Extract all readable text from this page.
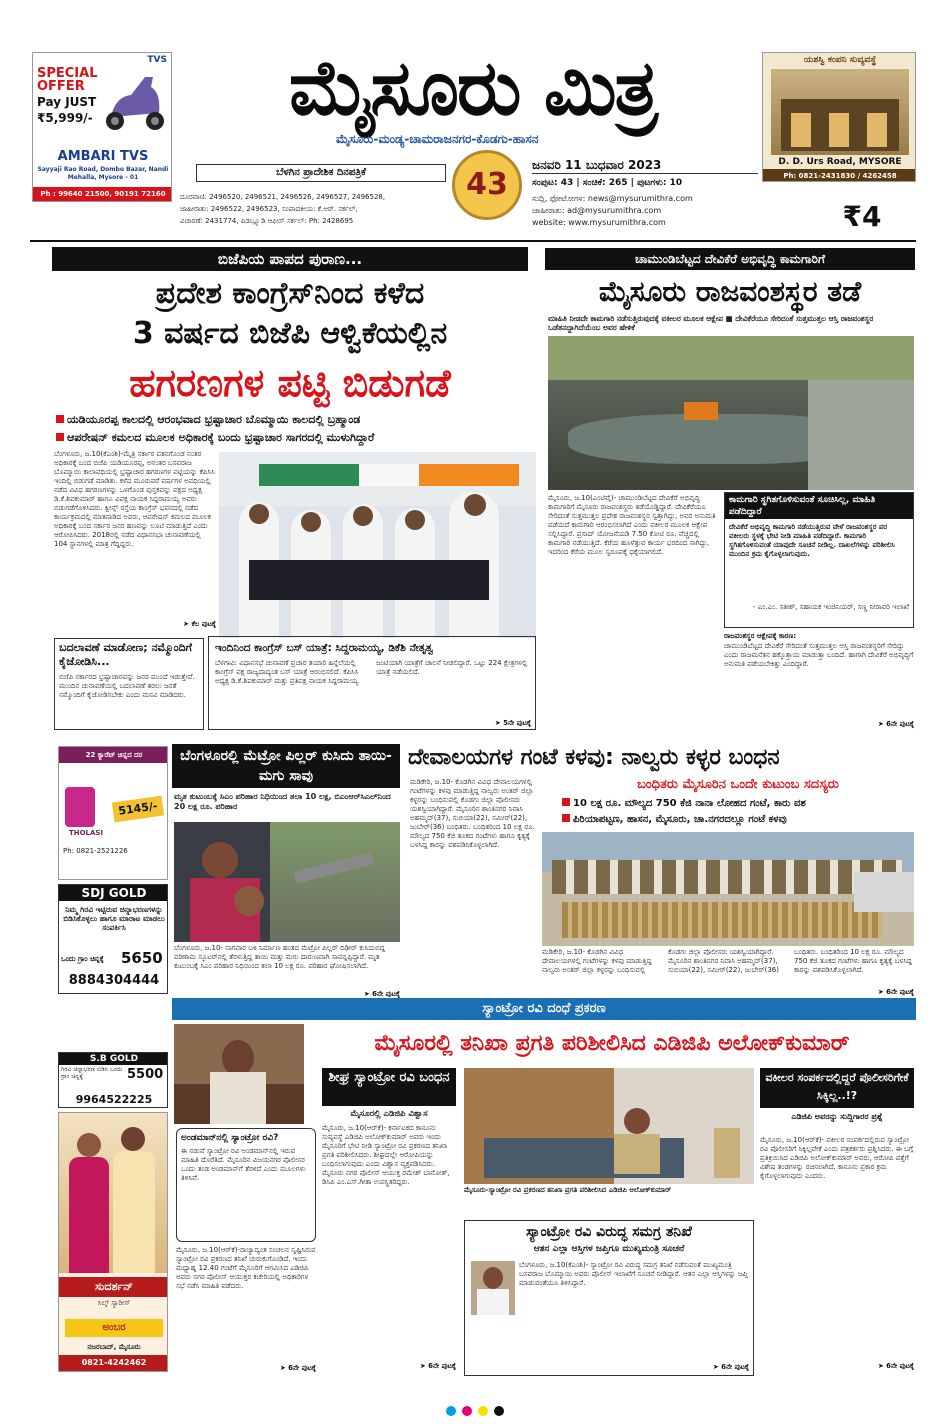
TVS
SPECIAL OFFER
Pay JUST
₹5,999/-
AMBARI TVS
Sayyaji Rao Road, Dombo Bazar, Nandi Mehalla, Mysore - 01
Ph : 99640 21500, 90191 72160
ಮೈಸೂರು ಮಿತ್ರ
ಮೈಸೂರು-ಮಂಡ್ಯ-ಚಾಮರಾಜನಗರ-ಕೊಡಗು-ಹಾಸನ
ಬೆಳಗಿನ ಪ್ರಾದೇಶಿಕ ದಿನಪತ್ರಿಕೆ	43
ಜನವರಿ 11 ಬುಧವಾರ 2023
ಸಂಪುಟ: 43 | ಸಂಚಿಕೆ: 265 | ಪುಟಗಳು: 10
ಸುದ್ದಿ, ಫೋಟೋಗಳ: news@mysurumithra.com
ಜಾಹೀರಾತು: ad@mysurumithra.com
website: www.mysurumithra.com
ದೂರವಾಣಿ: 2496520, 2496521, 2496526, 2496527, 2496528,
ಜಾಹೀರಾತು: 2496522, 2496523, ಸಂಪಾದಕೀಯ: ಕೆ.ಆರ್. ಸರ್ಕಲ್,
ವಿಚಾರಣೆ: 2431774, ಪಿಡಬ್ಲ್ಯೂಡಿ ಆಫೀಸ್ ಸರ್ಕಲ್: Ph: 2428695
ಯಶಸ್ವಿ ಕಂಪನಿ ಸುವ್ಯವಸ್ಥೆ
D. D. Urs Road, MYSORE
Ph: 0821-2431830 / 4262458
₹4
ಬಿಜೆಪಿಯ ಪಾಪದ ಪುರಾಣ...
ಪ್ರದೇಶ ಕಾಂಗ್ರೆಸ್‌ನಿಂದ ಕಳೆದ
3 ವರ್ಷದ ಬಿಜೆಪಿ ಆಳ್ವಿಕೆಯಲ್ಲಿನ
ಹಗರಣಗಳ ಪಟ್ಟಿ ಬಿಡುಗಡೆ
ಯಡಿಯೂರಪ್ಪ ಕಾಲದಲ್ಲಿ ಆರಂಭವಾದ ಭ್ರಷ್ಟಾಚಾರ ಬೊಮ್ಮಾಯಿ ಕಾಲದಲ್ಲಿ ಬ್ರಹ್ಮಾಂಡ
ಆಪರೇಷನ್ ಕಮಲದ ಮೂಲಕ ಅಧಿಕಾರಕ್ಕೆ ಬಂದು ಭ್ರಷ್ಟಾಚಾರ ಸಾಗರದಲ್ಲಿ ಮುಳುಗಿದ್ದಾರೆ
ಬೆಂಗಳೂರು, ಜ.10(ಕೆಎಂಶಿ)-ಮೈತ್ರಿ ಸರ್ಕಾರ ಪತನಗೊಂಡ ನಂತರ ಅಧಿಕಾರಕ್ಕೆ ಬಂದ ಬಿಜೆಪಿ ಯಡಿಯೂರಪ್ಪ, ಅನಂತರ ಬಸವರಾಜ ಬೊಮ್ಮಾಯಿ ಕಾಲಾವಧಿಯಲ್ಲಿ ಭ್ರಷ್ಟಾಚಾರ ಹಗರಣಗಳ ಪಟ್ಟಿಯನ್ನು ಕೆಪಿಸಿಸಿ ಇಂದಿಲ್ಲಿ ಬಿಡುಗಡೆ ಮಾಡಿತು. ಕಳೆದ ಮೂರುವರೆ ವರ್ಷಗಳ ಅವಧಿಯಲ್ಲಿ ನಡೆದ ವಿವಿಧ ಹಗರಣಗಳನ್ನು ಒಳಗೊಂಡ ಪುಸ್ತಕವನ್ನು ಪಕ್ಷದ ಅಧ್ಯಕ್ಷ ಡಿ.ಕೆ.ಶಿವಕುಮಾರ್ ಹಾಗೂ ವಿಪಕ್ಷ ನಾಯಕ ಸಿದ್ದರಾಮಯ್ಯ ಅವರು ಬಿಡುಗಡೆಗೊಳಿಸಿದರು. ಕ್ವೀನ್ಸ್ ರಸ್ತೆಯ ಕಾಂಗ್ರೆಸ್ ಭವನದಲ್ಲಿ ನಡೆದ ಕಾರ್ಯಕ್ರಮದಲ್ಲಿ ಮಾತನಾಡಿದ ಅವರು, ಆಪರೇಷನ್ ಕಮಲದ ಮೂಲಕ ಅಧಿಕಾರಕ್ಕೆ ಬಂದ ಸರ್ಕಾರ ಜನರ ಹಣವನ್ನು ಲೂಟಿ ಮಾಡುತ್ತಿದೆ ಎಂದು ಆರೋಪಿಸಿದರು. 2018ರಲ್ಲಿ ನಡೆದ ವಿಧಾನಸಭಾ ಚುನಾವಣೆಯಲ್ಲಿ 104 ಸ್ಥಾನಗಳಲ್ಲಿ ಮಾತ್ರ ಗೆದ್ದಿದ್ದರು.
➤ ಕೆಲ ಪುಟಕ್ಕೆ
ಬದಲಾವಣೆ ಮಾಡೋಣ; ನಮ್ಮೊಂದಿಗೆ ಕೈಜೋಡಿಸಿ...
ಬಿಜೆಪಿ ಸರ್ಕಾರದ ಭ್ರಷ್ಟಾಚಾರವನ್ನು ಜನರ ಮುಂದೆ ಇಡುತ್ತೇವೆ. ಮುಂದಿನ ಚುನಾವಣೆಯಲ್ಲಿ ಬದಲಾವಣೆ ತರಲು ಜನತೆ ನಮ್ಮೊಂದಿಗೆ ಕೈಜೋಡಿಸಬೇಕು ಎಂದು ಮನವಿ ಮಾಡಿದರು.
ಇಂದಿನಿಂದ ಕಾಂಗ್ರೆಸ್ ಬಸ್ ಯಾತ್ರೆ: ಸಿದ್ದರಾಮಯ್ಯ, ಡಿಕೆಶಿ ನೇತೃತ್ವ
ಬೆಳಗಾವಿ: ವಿಧಾನಸಭೆ ಚುನಾವಣೆ ಪ್ರಚಾರ ತಯಾರಿ ಹಿನ್ನೆಲೆಯಲ್ಲಿ ಕಾಂಗ್ರೆಸ್ ಪಕ್ಷ ರಾಜ್ಯದಾದ್ಯಂತ ಬಸ್ ಯಾತ್ರೆ ಆರಂಭಿಸಲಿದೆ. ಕೆಪಿಸಿಸಿ ಅಧ್ಯಕ್ಷ ಡಿ.ಕೆ.ಶಿವಕುಮಾರ್ ಮತ್ತು ಪ್ರತಿಪಕ್ಷ ನಾಯಕ ಸಿದ್ದರಾಮಯ್ಯ ಜಂಟಿಯಾಗಿ ಯಾತ್ರೆಗೆ ಚಾಲನೆ ನೀಡಲಿದ್ದಾರೆ. ಒಟ್ಟು 224 ಕ್ಷೇತ್ರಗಳಲ್ಲಿ ಯಾತ್ರೆ ನಡೆಯಲಿದೆ.
➤ 5ನೇ ಪುಟಕ್ಕೆ
ಚಾಮುಂಡಿಬೆಟ್ಟದ ದೇವಿಕೆರೆ ಅಭಿವೃದ್ಧಿ ಕಾಮಗಾರಿಗೆ
ಮೈಸೂರು ರಾಜವಂಶಸ್ಥರ ತಡೆ
ಮಾಹಿತಿ ನೀಡದೇ ಕಾಮಗಾರಿ ನಡೆಸುತ್ತಿರುವುದಕ್ಕೆ ವಕೀಲರ ಮೂಲಕ ಆಕ್ಷೇಪ ■ ದೇವಿಕೆರೆಯೂ ಸೇರಿದಂತೆ ಸುತ್ತಮುತ್ತಲ ಆಸ್ತಿ ರಾಜವಂಶಸ್ಥರ ಒಡೆತನದ್ದಾಗಿದೆಯೆಂಬ ಅವರ ಹೇಳಿಕೆ
ಮೈಸೂರು, ಜ.10(ಎಂಟಿವೈ)- ಚಾಮುಂಡಿಬೆಟ್ಟದ ದೇವಿಕೆರೆ ಅಭಿವೃದ್ಧಿ ಕಾಮಗಾರಿಗೆ ಮೈಸೂರು ರಾಜವಂಶಸ್ಥರು ತಡೆಯೊಡ್ಡಿದ್ದಾರೆ. ದೇವಿಕೆರೆಯೂ ಸೇರಿದಂತೆ ಸುತ್ತಮುತ್ತಲ ಪ್ರದೇಶ ರಾಜವಂಶಸ್ಥರ ಸ್ವತ್ತಾಗಿದ್ದು, ಅವರ ಅನುಮತಿ ಪಡೆಯದೆ ಕಾಮಗಾರಿ ಆರಂಭಿಸಲಾಗಿದೆ ಎಂದು ವಕೀಲರ ಮೂಲಕ ಆಕ್ಷೇಪ ಸಲ್ಲಿಸಿದ್ದಾರೆ. ಪ್ರಸಾದ್ ಯೋಜನೆಯಡಿ 7.50 ಕೋಟಿ ರೂ. ವೆಚ್ಚದಲ್ಲಿ ಕಾಮಗಾರಿ ನಡೆಯುತ್ತಿದೆ. ಕೆರೆಯ ಹೂಳೆತ್ತುವ ಕಾರ್ಯ ಭರದಿಂದ ಸಾಗಿದ್ದು, ಇದರಿಂದ ಕೆರೆಯ ಮೂಲ ಸ್ವರೂಪಕ್ಕೆ ಧಕ್ಕೆಯಾಗಲಿದೆ.
ಕಾಮಗಾರಿ ಸ್ಥಗಿತಗೊಳಿಸುವಂತೆ ಸೂಚಿಸಿಲ್ಲ, ಮಾಹಿತಿ ಪಡೆದಿದ್ದಾರೆ
ದೇವಿಕೆರೆ ಅಭಿವೃದ್ಧಿ ಕಾಮಗಾರಿ ನಡೆಯುತ್ತಿರುವ ವೇಳೆ ರಾಜವಂಶಸ್ಥರ ಪರ ವಕೀಲರು ಸ್ಥಳಕ್ಕೆ ಭೇಟಿ ನೀಡಿ ಮಾಹಿತಿ ಪಡೆದಿದ್ದಾರೆ. ಕಾಮಗಾರಿ ಸ್ಥಗಿತಗೊಳಿಸುವಂತೆ ಯಾವುದೇ ಸೂಚನೆ ನೀಡಿಲ್ಲ. ದಾಖಲೆಗಳನ್ನು ಪರಿಶೀಲಿಸಿ ಮುಂದಿನ ಕ್ರಮ ಕೈಗೊಳ್ಳಲಾಗುವುದು.
- ಎಂ.ಎಂ. ಸತೀಶ್, ಸಹಾಯಕ ಇಂಜಿನಿಯರ್, ಸಣ್ಣ ನೀರಾವರಿ ಇಲಾಖೆ
ರಾಜವಂಶಸ್ಥರ ಆಕ್ಷೇಪಕ್ಕೆ ಕಾರಣ:
ಚಾಮುಂಡಿಬೆಟ್ಟದ ದೇವಿಕೆರೆ ಸೇರಿದಂತೆ ಸುತ್ತಮುತ್ತಲ ಆಸ್ತಿ ರಾಜವಂಶಸ್ಥರಿಗೆ ಸೇರಿದ್ದು ಎಂದು ರಾಜಮನೆತನ ಹಕ್ಕೊತ್ತಾಯ ಮಾಡುತ್ತಾ ಬಂದಿದೆ. ಹಾಗಾಗಿ ದೇವಿಕೆರೆ ಅಭಿವೃದ್ಧಿಗೆ ಅನುಮತಿ ಪಡೆಯಬೇಕಿತ್ತು ಎಂದಿದ್ದಾರೆ.
➤ 6ನೇ ಪುಟಕ್ಕೆ
22 ಕ್ಯಾರೆಟ್ ಚಿನ್ನದ ದರ
THOLASI
5145/-
Ph: 0821-2521226
SDJ GOLD
ನಿಮ್ಮ ಗಿರವಿ ಇಟ್ಟಿರುವ ಚಿನ್ನಾಭರಣಗಳನ್ನು ಬಿಡಿಸಿಕೊಳ್ಳಲು ಹಾಗೂ ಮಾರಾಟ ಮಾಡಲು ಸಂಪರ್ಕಿಸಿ
ಒಂದು ಗ್ರಾಂ ಚಿನ್ನಕ್ಕೆ	5650
8884304444
S.B GOLD
ಗಿರವಿ ಚಿನ್ನಾಭರಣ ಬಿಡಿಸಿ ಒಂದು ಗ್ರಾಂ ಚಿನ್ನಕ್ಕೆ	5500
9964522225
ಸುದರ್ಶನ್
ಸಿಲ್ಕ್ ಸ್ಯಾರೀಸ್
ಅಂಬರ
ನಜರಬಾದ್, ಮೈಸೂರು
0821-4242462
ಬೆಂಗಳೂರಲ್ಲಿ ಮೆಟ್ರೋ ಪಿಲ್ಲರ್ ಕುಸಿದು ತಾಯಿ-ಮಗು ಸಾವು
ಮೃತ ಕುಟುಂಬಕ್ಕೆ ಸಿಎಂ ಪರಿಹಾರ ನಿಧಿಯಿಂದ ತಲಾ 10 ಲಕ್ಷ, ಬಿಎಂಆರ್‌ಸಿಎಲ್‌ನಿಂದ 20 ಲಕ್ಷ ರೂ. ಪರಿಹಾರ
ಬೆಂಗಳೂರು, ಜ.10- ನಾಗವಾರ ಬಳಿ ನಿರ್ಮಾಣ ಹಂತದ ಮೆಟ್ರೋ ಪಿಲ್ಲರ್ ದಿಢೀರ್ ಕುಸಿದುಬಿದ್ದ ಪರಿಣಾಮ ಸ್ಕೂಟರ್‌ನಲ್ಲಿ ತೆರಳುತ್ತಿದ್ದ ತಾಯಿ ಮತ್ತು ಮಗು ದಾರುಣವಾಗಿ ಸಾವನ್ನಪ್ಪಿದ್ದಾರೆ. ಮೃತ ಕುಟುಂಬಕ್ಕೆ ಸಿಎಂ ಪರಿಹಾರ ನಿಧಿಯಿಂದ ತಲಾ 10 ಲಕ್ಷ ರೂ. ಪರಿಹಾರ ಘೋಷಿಸಲಾಗಿದೆ.
➤ 6ನೇ ಪುಟಕ್ಕೆ
ದೇವಾಲಯಗಳ ಗಂಟೆ ಕಳವು: ನಾಲ್ವರು ಕಳ್ಳರ ಬಂಧನ
ಬಂಧಿತರು ಮೈಸೂರಿನ ಒಂದೇ ಕುಟುಂಬ ಸದಸ್ಯರು
10 ಲಕ್ಷ ರೂ. ಮೌಲ್ಯದ 750 ಕೆಜಿ ನಾನಾ ಲೋಹದ ಗಂಟೆ, ಕಾರು ವಶ
ಪಿರಿಯಾಪಟ್ಟಣ, ಹಾಸನ, ಮೈಸೂರು, ಚಾ.ನಗರದಲ್ಲೂ ಗಂಟೆ ಕಳವು
ಮಡಿಕೇರಿ, ಜ.10- ಕೊಡಗಿನ ವಿವಿಧ ದೇವಾಲಯಗಳಲ್ಲಿ ಗಂಟೆಗಳನ್ನು ಕಳವು ಮಾಡುತ್ತಿದ್ದ ನಾಲ್ವರು ಅಂತರ್ ಜಿಲ್ಲಾ ಕಳ್ಳರನ್ನು ಬಂಧಿಸುವಲ್ಲಿ ಕೊಡಗು ಜಿಲ್ಲಾ ಪೊಲೀಸರು ಯಶಸ್ವಿಯಾಗಿದ್ದಾರೆ. ಮೈಸೂರಿನ ಶಾಂತಿನಗರ ನಿವಾಸಿ ಅಹಮ್ಮದ್(37), ಸುಬಿಯಾ(22), ಸಮೀರ್(22), ಜುಬೇರ್(36) ಬಂಧಿತರು. ಬಂಧಿತರಿಂದ 10 ಲಕ್ಷ ರೂ. ಮೌಲ್ಯದ 750 ಕೆಜಿ ತೂಕದ ಗಂಟೆಗಳು ಹಾಗೂ ಕೃತ್ಯಕ್ಕೆ ಬಳಸಿದ್ದ ಕಾರನ್ನು ವಶಪಡಿಸಿಕೊಳ್ಳಲಾಗಿದೆ.
ಮಡಿಕೇರಿ, ಜ.10- ಕೊಡಗಿನ ವಿವಿಧ ದೇವಾಲಯಗಳಲ್ಲಿ ಗಂಟೆಗಳನ್ನು ಕಳವು ಮಾಡುತ್ತಿದ್ದ ನಾಲ್ವರು ಅಂತರ್ ಜಿಲ್ಲಾ ಕಳ್ಳರನ್ನು ಬಂಧಿಸುವಲ್ಲಿ ಕೊಡಗು ಜಿಲ್ಲಾ ಪೊಲೀಸರು ಯಶಸ್ವಿಯಾಗಿದ್ದಾರೆ. ಮೈಸೂರಿನ ಶಾಂತಿನಗರ ನಿವಾಸಿ ಅಹಮ್ಮದ್(37), ಸುಬಿಯಾ(22), ಸಮೀರ್(22), ಜುಬೇರ್(36) ಬಂಧಿತರು. ಬಂಧಿತರಿಂದ 10 ಲಕ್ಷ ರೂ. ಮೌಲ್ಯದ 750 ಕೆಜಿ ತೂಕದ ಗಂಟೆಗಳು ಹಾಗೂ ಕೃತ್ಯಕ್ಕೆ ಬಳಸಿದ್ದ ಕಾರನ್ನು ವಶಪಡಿಸಿಕೊಳ್ಳಲಾಗಿದೆ.
➤ 6ನೇ ಪುಟಕ್ಕೆ
ಸ್ಯಾಂಟ್ರೋ ರವಿ ದಂಧೆ ಪ್ರಕರಣ
ಮೈಸೂರಲ್ಲಿ ತನಿಖಾ ಪ್ರಗತಿ ಪರಿಶೀಲಿಸಿದ ಎಡಿಜಿಪಿ ಅಲೋಕ್‌ಕುಮಾರ್
ಅಂಡಮಾನ್‌ನಲ್ಲಿ ಸ್ಯಾಂಟ್ರೋ ರವಿ?
ಈ ನಡುವೆ ಸ್ಯಾಂಟ್ರೋ ರವಿ ಅಂಡಮಾನ್‌ನಲ್ಲಿ ಇರುವ ಮಾಹಿತಿ ದೊರೆತಿದೆ. ಮೈಸೂರಿನ ವಿಜಯನಗರ ಪೊಲೀಸರ ಒಂದು ತಂಡ ಅಂಡಮಾನ್‌ಗೆ ತೆರಳಿದೆ ಎಂದು ಮೂಲಗಳು ತಿಳಿಸಿವೆ.
ಮೈಸೂರು, ಜ.10(ಆರ್‌ಕೆ)-ರಾಜ್ಯಾದ್ಯಂತ ಸಂಚಲನ ಸೃಷ್ಟಿಸಿರುವ ಸ್ಯಾಂಟ್ರೋ ರವಿ ಪ್ರಕರಣದ ತನಿಖೆ ಚುರುಕುಗೊಂಡಿದೆ. ಇಂದು ಮಧ್ಯಾಹ್ನ 12.40 ಗಂಟೆಗೆ ಮೈಸೂರಿಗೆ ಆಗಮಿಸಿದ ಎಡಿಜಿಪಿ ಅವರು ನಗರ ಪೊಲೀಸ್ ಆಯುಕ್ತರ ಕಚೇರಿಯಲ್ಲಿ ಅಧಿಕಾರಿಗಳ ಸಭೆ ನಡೆಸಿ ಮಾಹಿತಿ ಪಡೆದರು.
➤ 6ನೇ ಪುಟಕ್ಕೆ
ಶೀಘ್ರ ಸ್ಯಾಂಟ್ರೋ ರವಿ ಬಂಧನ
ಮೈಸೂರಲ್ಲಿ ಎಡಿಜಿಪಿ ವಿಶ್ವಾಸ
ಮೈಸೂರು, ಜ.10(ಆರ್‌ಕೆ)- ಕರ್ನಾಟಕದ ಕಾನೂನು ಸುವ್ಯವಸ್ಥೆ ಎಡಿಜಿಪಿ ಅಲೋಕ್‌ಕುಮಾರ್ ಅವರು ಇಂದು ಮೈಸೂರಿಗೆ ಭೇಟಿ ನೀಡಿ ಸ್ಯಾಂಟ್ರೋ ರವಿ ಪ್ರಕರಣದ ತನಿಖಾ ಪ್ರಗತಿ ಪರಿಶೀಲಿಸಿದರು. ಶೀಘ್ರದಲ್ಲೇ ಆರೋಪಿಯನ್ನು ಬಂಧಿಸಲಾಗುವುದು ಎಂದು ವಿಶ್ವಾಸ ವ್ಯಕ್ತಪಡಿಸಿದರು. ಮೈಸೂರು ನಗರ ಪೊಲೀಸ್ ಆಯುಕ್ತ ರಮೇಶ್ ಬಾನೋತ್, ಡಿಸಿಪಿ ಎಂ.ಎಸ್.ಗೀತಾ ಉಪಸ್ಥಿತರಿದ್ದರು.
➤ 6ನೇ ಪುಟಕ್ಕೆ
ಮೈಸೂರು-ಸ್ಯಾಂಟ್ರೋ ರವಿ ಪ್ರಕರಣದ ತನಿಖಾ ಪ್ರಗತಿ ಪರಿಶೀಲಿಸಿದ ಎಡಿಜಿಪಿ ಅಲೋಕ್‌ಕುಮಾರ್
ಸ್ಯಾಂಟ್ರೋ ರವಿ ವಿರುದ್ಧ ಸಮಗ್ರ ತನಿಖೆ
ಆತನ ಎಲ್ಲಾ ಆಸ್ತಿಗಳ ಜಪ್ತಿಗೂ ಮುಖ್ಯಮಂತ್ರಿ ಸೂಚನೆ
ಬೆಂಗಳೂರು, ಜ.10(ಕೆಎಂಶಿ)- ಸ್ಯಾಂಟ್ರೋ ರವಿ ವಿರುದ್ಧ ಸಮಗ್ರ ತನಿಖೆ ನಡೆಸುವಂತೆ ಮುಖ್ಯಮಂತ್ರಿ ಬಸವರಾಜ ಬೊಮ್ಮಾಯಿ ಅವರು ಪೊಲೀಸ್ ಇಲಾಖೆಗೆ ಸೂಚನೆ ನೀಡಿದ್ದಾರೆ. ಆತನ ಎಲ್ಲಾ ಆಸ್ತಿಗಳನ್ನು ಜಪ್ತಿ ಮಾಡುವಂತೆಯೂ ತಿಳಿಸಿದ್ದಾರೆ.
➤ 6ನೇ ಪುಟಕ್ಕೆ
ವಕೀಲರ ಸಂಪರ್ಕದಲ್ಲಿದ್ದರೆ ಪೊಲೀಸರಿಗೇಕೆ ಸಿಕ್ಕಿಲ್ಲ..!?
ಎಡಿಜಿಪಿ ಅವರನ್ನು ಸುದ್ದಿಗಾರರ ಪ್ರಶ್ನೆ
ಮೈಸೂರು, ಜ.10(ಆರ್‌ಕೆ)- ವಕೀಲರ ಸಂಪರ್ಕದಲ್ಲಿರುವ ಸ್ಯಾಂಟ್ರೋ ರವಿ ಪೊಲೀಸರಿಗೆ ಸಿಕ್ಕಿಲ್ಲವೇಕೆ ಎಂದು ಪತ್ರಕರ್ತರು ಪ್ರಶ್ನಿಸಿದರು. ಈ ಬಗ್ಗೆ ಪ್ರತಿಕ್ರಿಯಿಸಿದ ಎಡಿಜಿಪಿ ಅಲೋಕ್‌ಕುಮಾರ್ ಅವರು, ಆರೋಪಿ ಪತ್ತೆಗೆ ವಿಶೇಷ ತಂಡಗಳನ್ನು ರಚಿಸಲಾಗಿದೆ. ಕಾನೂನು ಪ್ರಕಾರ ಕ್ರಮ ಕೈಗೊಳ್ಳಲಾಗುವುದು ಎಂದರು.
➤ 6ನೇ ಪುಟಕ್ಕೆ
